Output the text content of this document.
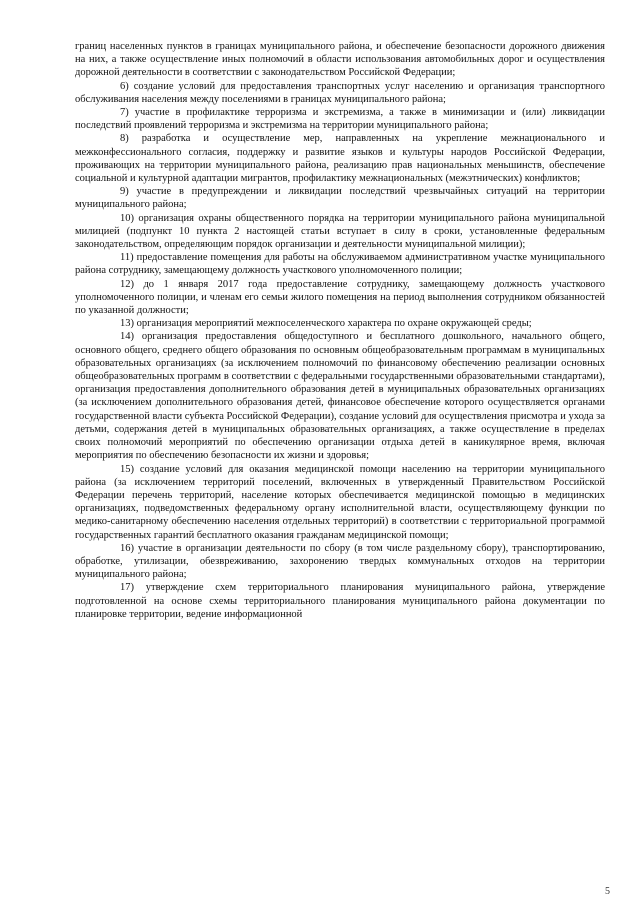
границ населенных пунктов в границах муниципального района, и обеспечение безопасности дорожного движения на них, а также осуществление иных полномочий в области использования автомобильных дорог и осуществления дорожной деятельности в соответствии с законодательством Российской Федерации;

6) создание условий для предоставления транспортных услуг населению и организация транспортного обслуживания населения между поселениями в границах муниципального района;

7) участие в профилактике терроризма и экстремизма, а также в минимизации и (или) ликвидации последствий проявлений терроризма и экстремизма на территории муниципального района;

8) разработка и осуществление мер, направленных на укрепление межнационального и межконфессионального согласия, поддержку и развитие языков и культуры народов Российской Федерации, проживающих на территории муниципального района, реализацию прав национальных меньшинств, обеспечение социальной и культурной адаптации мигрантов, профилактику межнациональных (межэтнических) конфликтов;

9) участие в предупреждении и ликвидации последствий чрезвычайных ситуаций на территории муниципального района;

10) организация охраны общественного порядка на территории муниципального района муниципальной милицией (подпункт 10 пункта 2 настоящей статьи вступает в силу в сроки, установленные федеральным законодательством, определяющим порядок организации и деятельности муниципальной милиции);

11) предоставление помещения для работы на обслуживаемом административном участке муниципального района сотруднику, замещающему должность участкового уполномоченного полиции;

12) до 1 января 2017 года предоставление сотруднику, замещающему должность участкового уполномоченного полиции, и членам его семьи жилого помещения на период выполнения сотрудником обязанностей по указанной должности;

13) организация мероприятий межпоселенческого характера по охране окружающей среды;

14) организация предоставления общедоступного и бесплатного дошкольного, начального общего, основного общего, среднего общего образования по основным общеобразовательным программам в муниципальных образовательных организациях (за исключением полномочий по финансовому обеспечению реализации основных общеобразовательных программ в соответствии с федеральными государственными образовательными стандартами), организация предоставления дополнительного образования детей в муниципальных образовательных организациях (за исключением дополнительного образования детей, финансовое обеспечение которого осуществляется органами государственной власти субъекта Российской Федерации), создание условий для осуществления присмотра и ухода за детьми, содержания детей в муниципальных образовательных организациях, а также осуществление в пределах своих полномочий мероприятий по обеспечению организации отдыха детей в каникулярное время, включая мероприятия по обеспечению безопасности их жизни и здоровья;

15) создание условий для оказания медицинской помощи населению на территории муниципального района (за исключением территорий поселений, включенных в утвержденный Правительством Российской Федерации перечень территорий, население которых обеспечивается медицинской помощью в медицинских организациях, подведомственных федеральному органу исполнительной власти, осуществляющему функции по медико-санитарному обеспечению населения отдельных территорий) в соответствии с территориальной программой государственных гарантий бесплатного оказания гражданам медицинской помощи;

16) участие в организации деятельности по сбору (в том числе раздельному сбору), транспортированию, обработке, утилизации, обезвреживанию, захоронению твердых коммунальных отходов на территории муниципального района;

17) утверждение схем территориального планирования муниципального района, утверждение подготовленной на основе схемы территориального планирования муниципального района документации по планировке территории, ведение информационной

5
